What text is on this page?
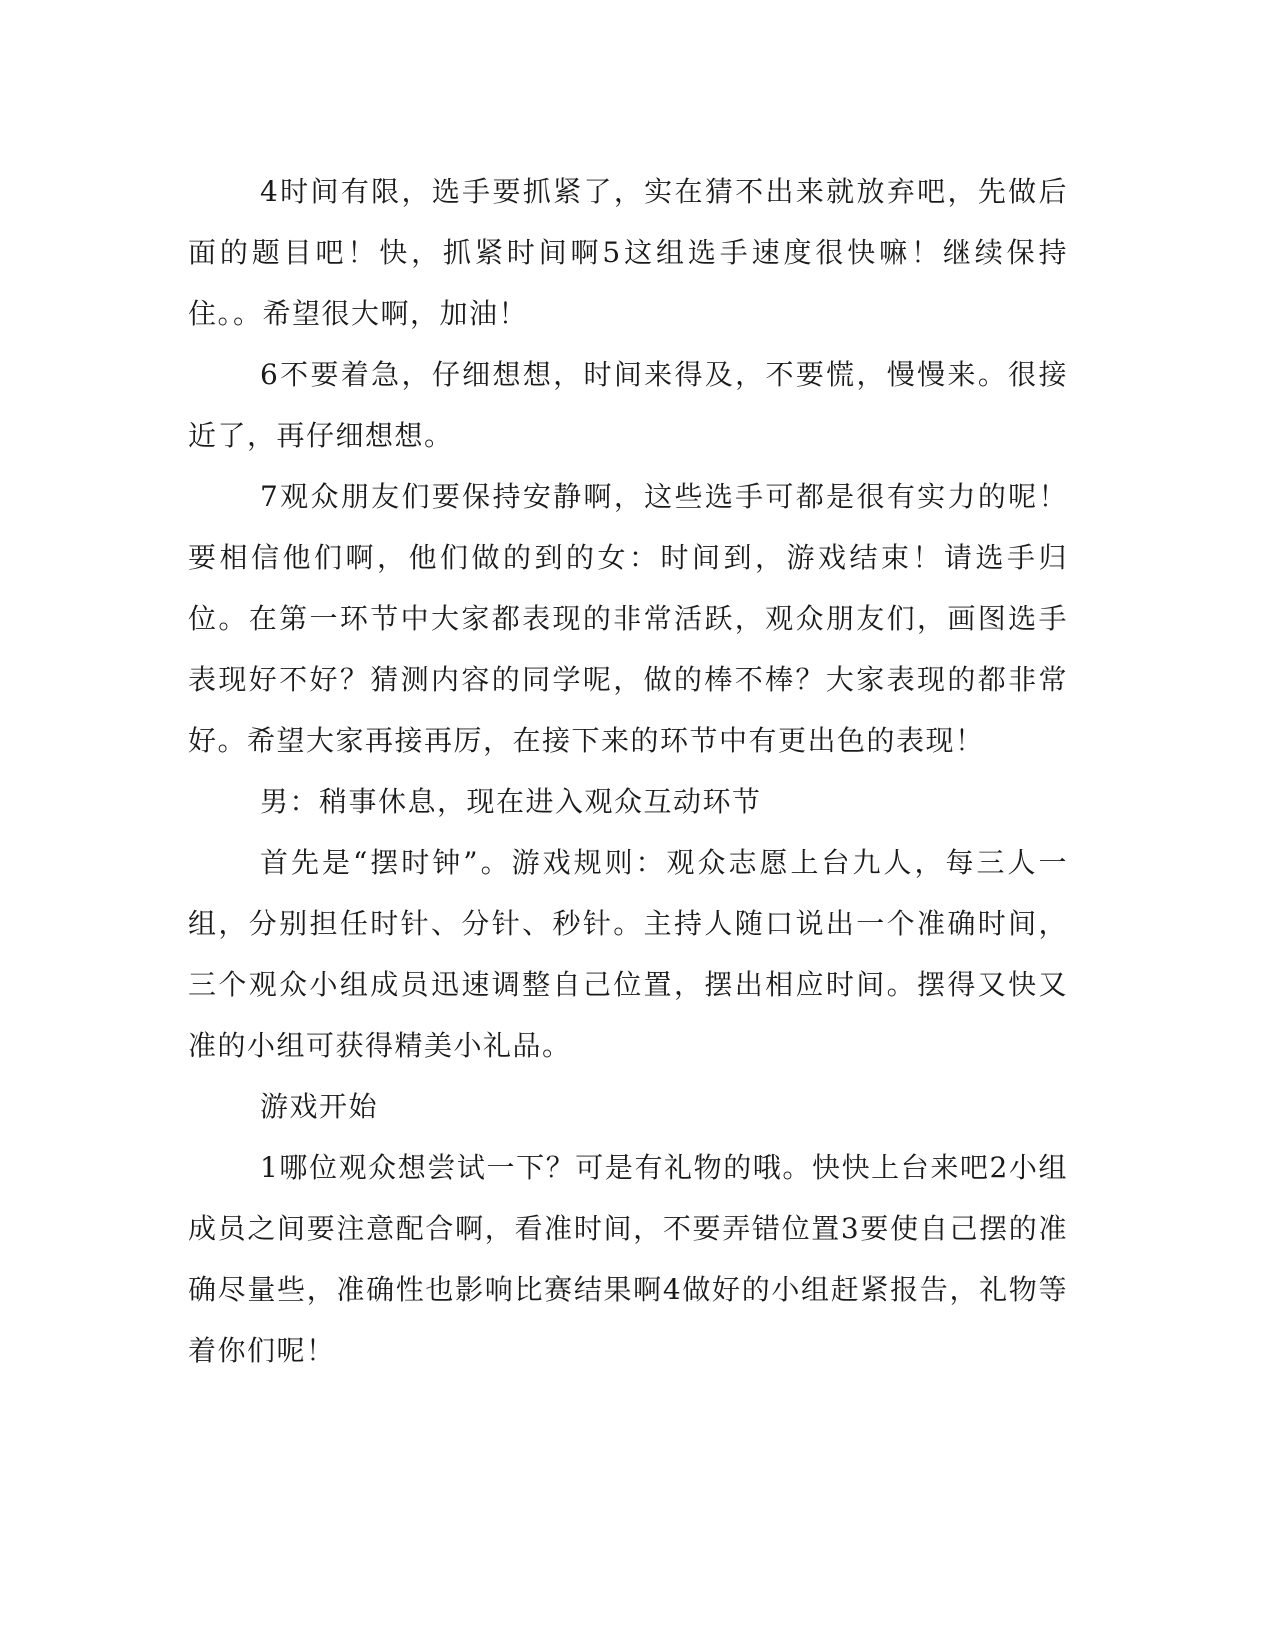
4时间有限，选手要抓紧了，实在猜不出来就放弃吧，先做后面的题目吧！快，抓紧时间啊5这组选手速度很快嘛！继续保持住。。希望很大啊，加油！

6不要着急，仔细想想，时间来得及，不要慌，慢慢来。很接近了，再仔细想想。

7观众朋友们要保持安静啊，这些选手可都是很有实力的呢！要相信他们啊，他们做的到的女：时间到，游戏结束！请选手归位。在第一环节中大家都表现的非常活跃，观众朋友们，画图选手表现好不好？猜测内容的同学呢，做的棒不棒？大家表现的都非常好。希望大家再接再厉，在接下来的环节中有更出色的表现！

男：稍事休息，现在进入观众互动环节

首先是“摆时钟”。游戏规则：观众志愿上台九人，每三人一组，分别担任时针、分针、秒针。主持人随口说出一个准确时间，三个观众小组成员迅速调整自己位置，摆出相应时间。摆得又快又准的小组可获得精美小礼品。

游戏开始

1哪位观众想尝试一下？可是有礼物的哦。快快上台来吧2小组成员之间要注意配合啊，看准时间，不要弄错位置3要使自己摆的准确尽量些，准确性也影响比赛结果啊4做好的小组赶紧报告，礼物等着你们呢！
